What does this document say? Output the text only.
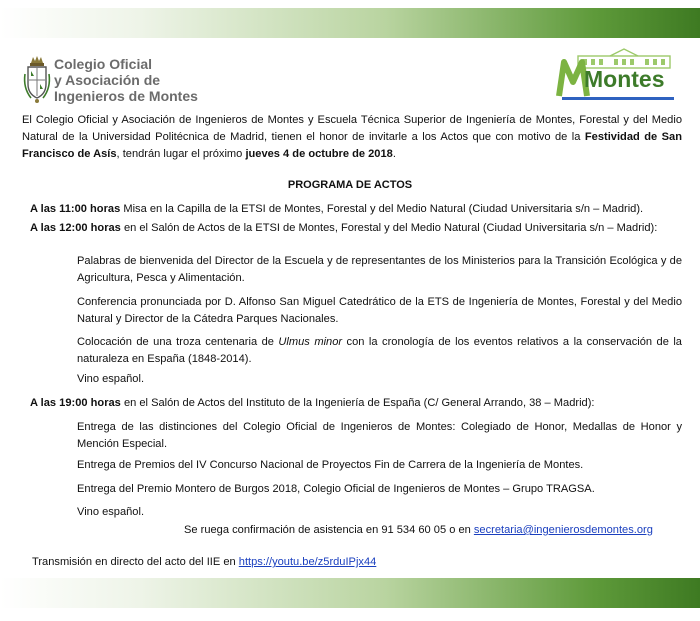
Colegio Oficial
y Asociación de
Ingenieros de Montes
Montes
El Colegio Oficial y Asociación de Ingenieros de Montes y Escuela Técnica Superior de Ingeniería de Montes, Forestal y del Medio Natural de la Universidad Politécnica de Madrid, tienen el honor de invitarle a los Actos que con motivo de la Festividad de San Francisco de Asís, tendrán lugar el próximo jueves 4 de octubre de 2018.
PROGRAMA DE ACTOS
A las 11:00 horas Misa en la Capilla de la ETSI de Montes, Forestal y del Medio Natural (Ciudad Universitaria s/n – Madrid).
A las 12:00 horas en el Salón de Actos de la ETSI de Montes, Forestal y del Medio Natural (Ciudad Universitaria s/n – Madrid):
Palabras de bienvenida del Director de la Escuela y de representantes de los Ministerios para la Transición Ecológica y de Agricultura, Pesca y Alimentación.
Conferencia pronunciada por D. Alfonso San Miguel Catedrático de la ETS de Ingeniería de Montes, Forestal y del Medio Natural y Director de la Cátedra Parques Nacionales.
Colocación de una troza centenaria de Ulmus minor con la cronología de los eventos relativos a la conservación de la naturaleza en España (1848-2014).
Vino español.
A las 19:00 horas en el Salón de Actos del Instituto de la Ingeniería de España (C/ General Arrando, 38 – Madrid):
Entrega de las distinciones del Colegio Oficial de Ingenieros de Montes: Colegiado de Honor, Medallas de Honor y Mención Especial.
Entrega de Premios del IV Concurso Nacional de Proyectos Fin de Carrera de la Ingeniería de Montes.
Entrega del Premio Montero de Burgos 2018, Colegio Oficial de Ingenieros de Montes – Grupo TRAGSA.
Vino español.
Se ruega confirmación de asistencia en 91 534 60 05 o en secretaria@ingenierosdemontes.org
Transmisión en directo del acto del IIE en https://youtu.be/z5rduIPjx44
